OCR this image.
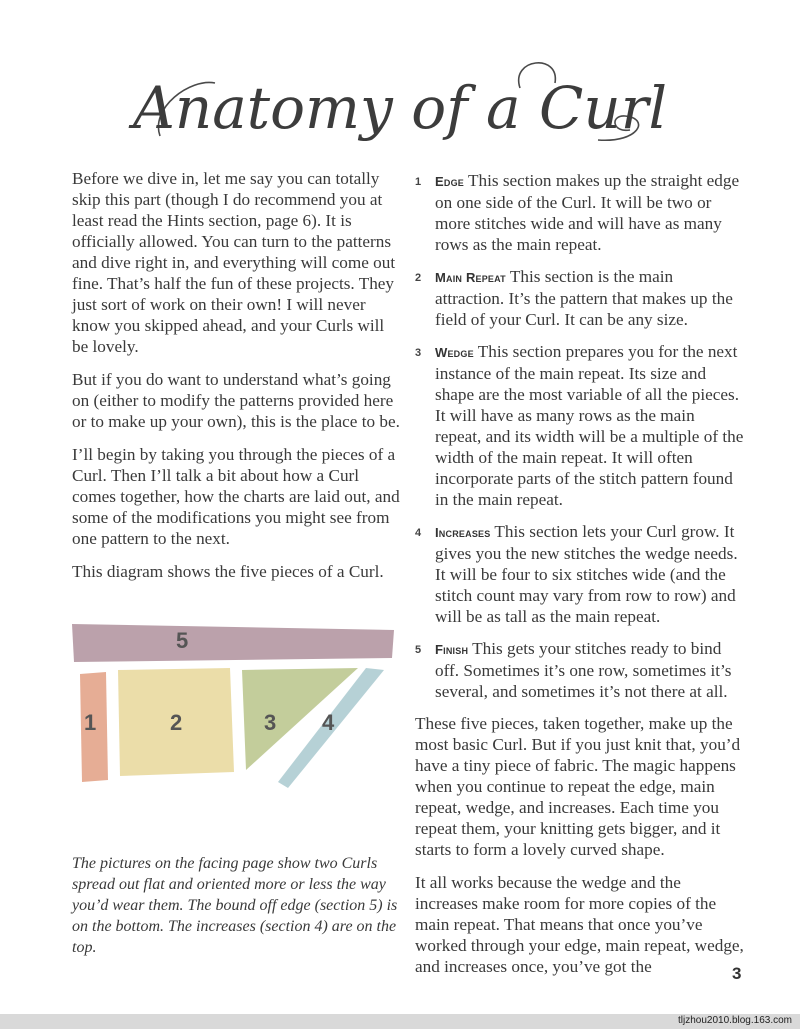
Anatomy of a Curl

Before we dive in, let me say you can totally skip this part (though I do recommend you at least read the Hints section, page 6). It is officially allowed. You can turn to the patterns and dive right in, and everything will come out fine. That’s half the fun of these projects. They just sort of work on their own! I will never know you skipped ahead, and your Curls will be lovely.

But if you do want to understand what’s going on (either to modify the patterns provided here or to make up your own), this is the place to be.

I’ll begin by taking you through the pieces of a Curl. Then I’ll talk a bit about how a Curl comes together, how the charts are laid out, and some of the modifications you might see from one pattern to the next.

This diagram shows the five pieces of a Curl.

5
1	2	3 4

The pictures on the facing page show two Curls spread out flat and oriented more or less the way you’d wear them. The bound off edge (section 5) is on the bottom. The increases (section 4) are on the top.

1 Edge This section makes up the straight edge on one side of the Curl. It will be two or more stitches wide and will have as many rows as the main repeat.
2 Main Repeat This section is the main attraction. It’s the pattern that makes up the field of your Curl. It can be any size.
3 Wedge This section prepares you for the next instance of the main repeat. Its size and shape are the most variable of all the pieces. It will have as many rows as the main repeat, and its width will be a multiple of the width of the main repeat. It will often incorporate parts of the stitch pattern found in the main repeat.
4 Increases This section lets your Curl grow. It gives you the new stitches the wedge needs. It will be four to six stitches wide (and the stitch count may vary from row to row) and will be as tall as the main repeat.
5 Finish This gets your stitches ready to bind off. Sometimes it’s one row, sometimes it’s several, and sometimes it’s not there at all.

These five pieces, taken together, make up the most basic Curl. But if you just knit that, you’d have a tiny piece of fabric. The magic happens when you continue to repeat the edge, main repeat, wedge, and increases. Each time you repeat them, your knitting gets bigger, and it starts to form a lovely curved shape.

It all works because the wedge and the increases make room for more copies of the main repeat. That means that once you’ve worked through your edge, main repeat, wedge, and increases once, you’ve got the	3
tljzhou2010.blog.163.com
